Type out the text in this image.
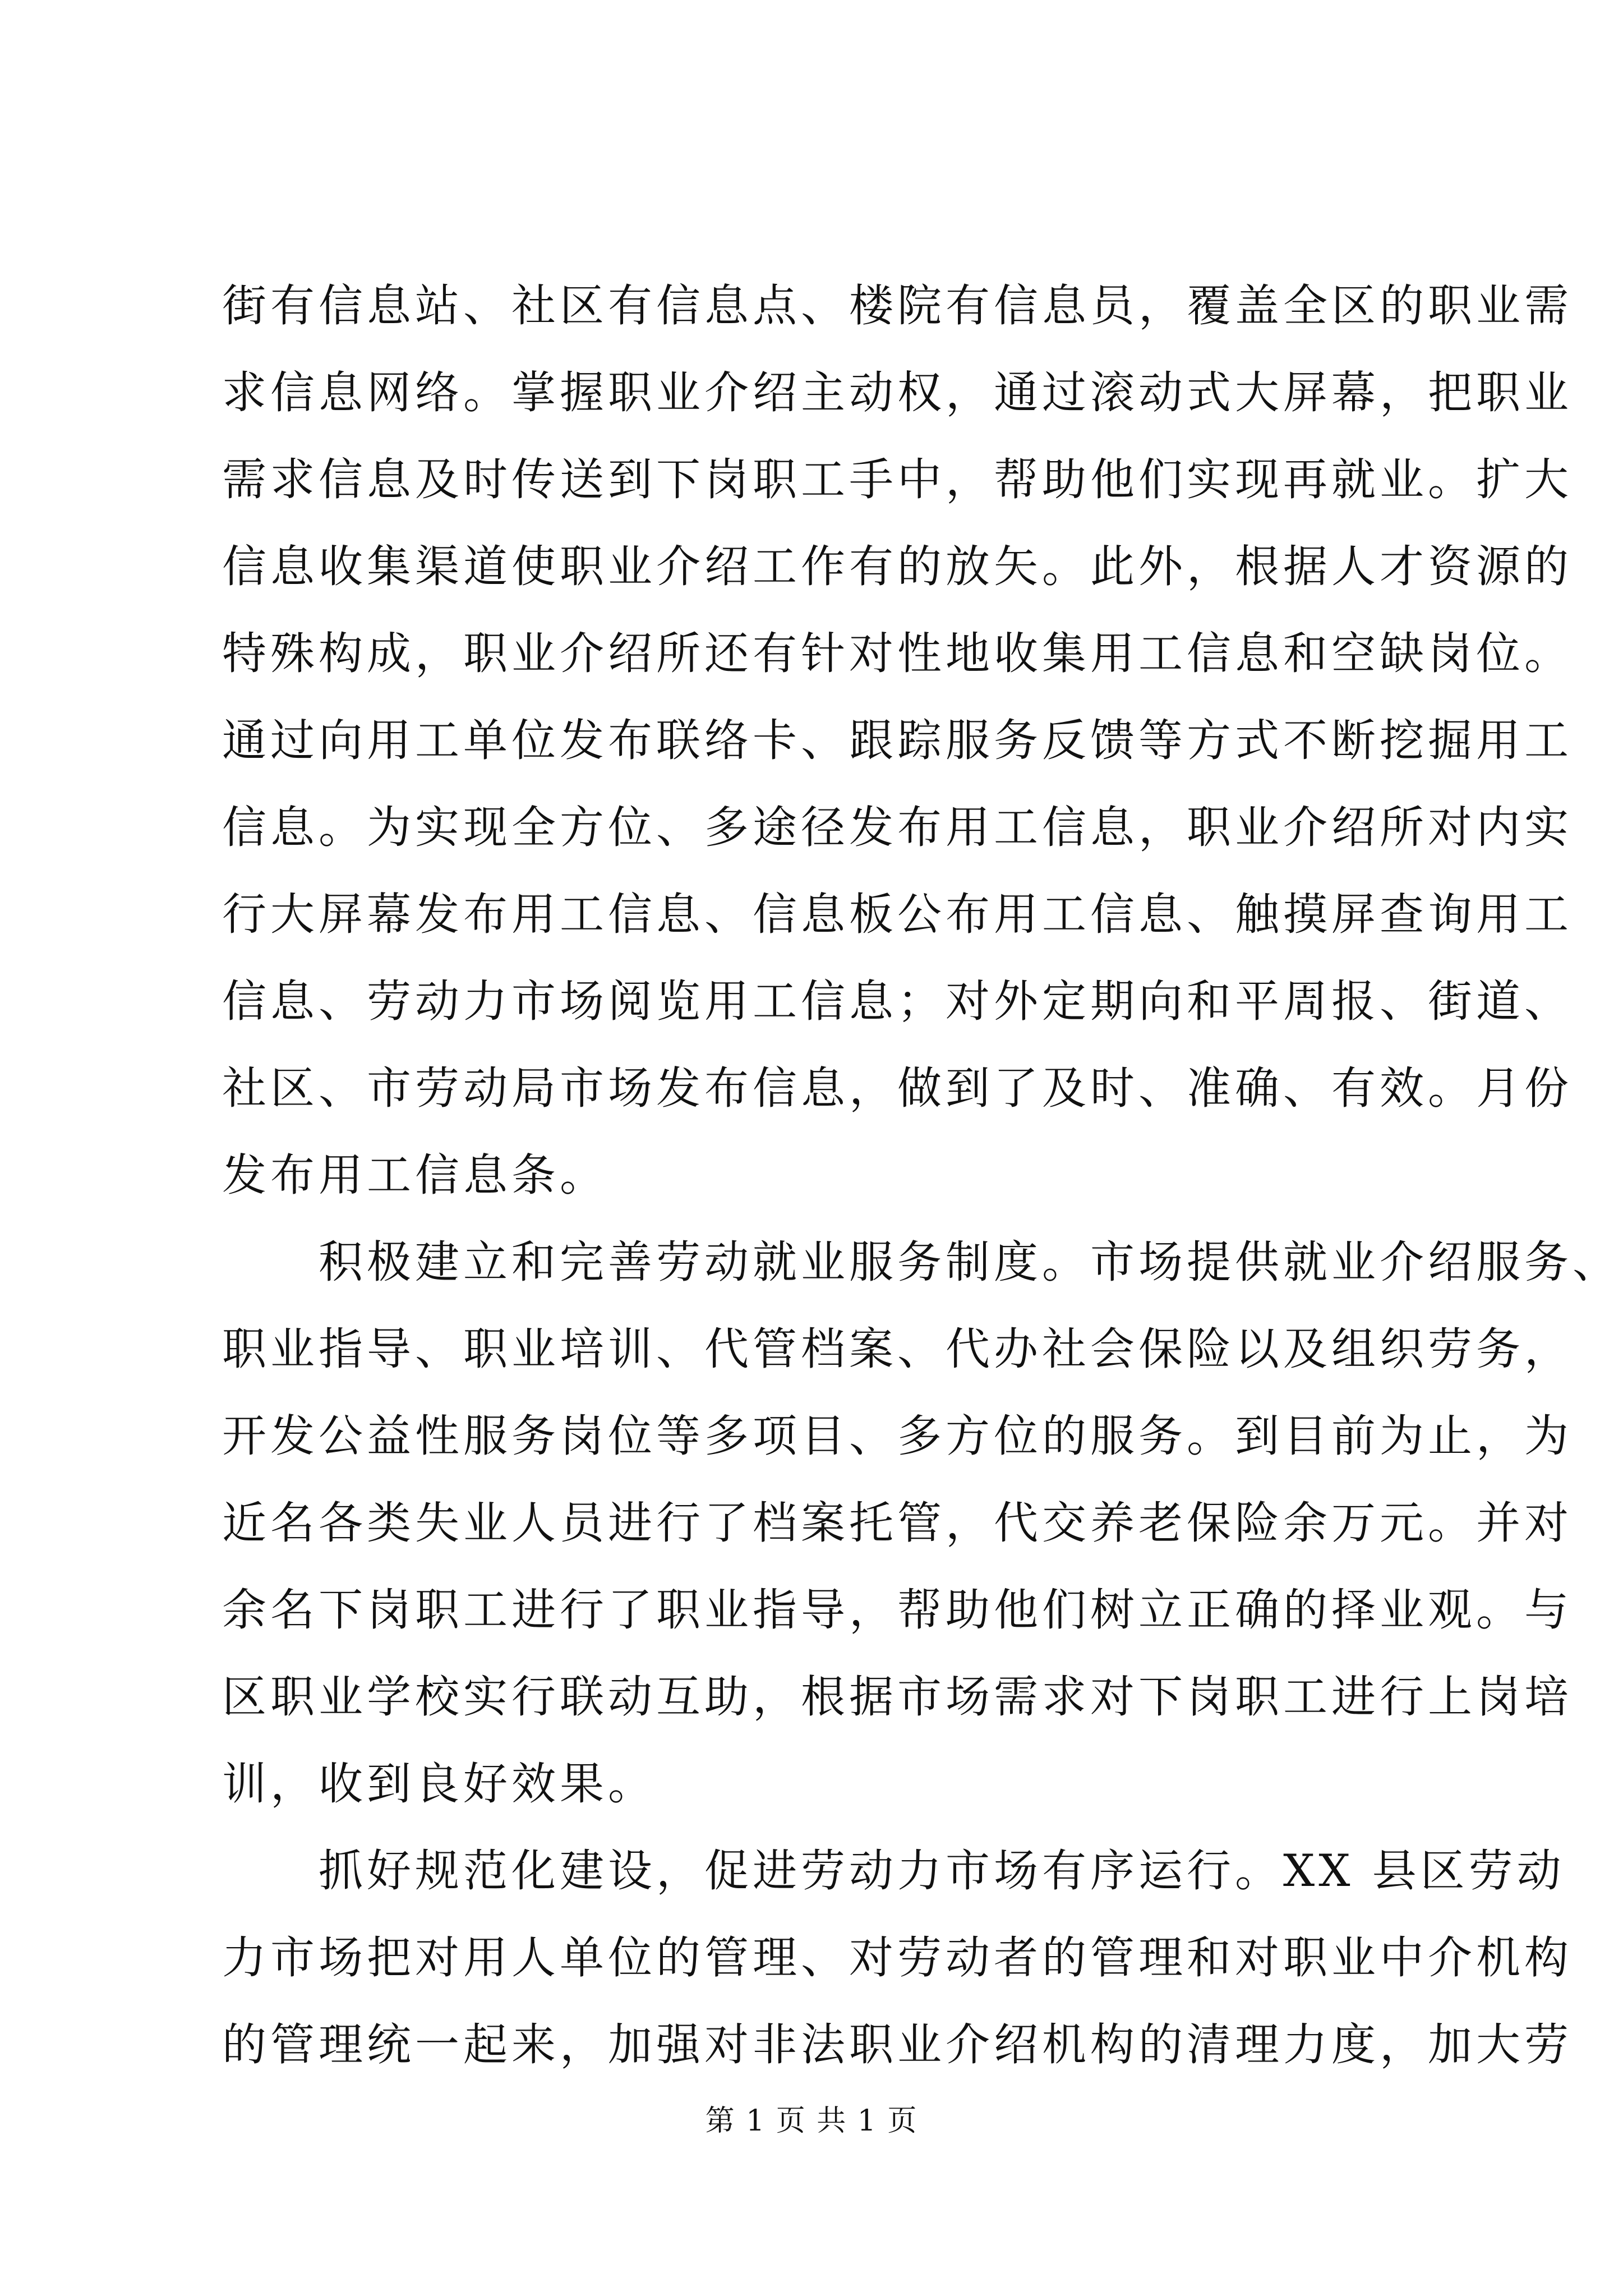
街有信息站、社区有信息点、楼院有信息员，覆盖全区的职业需
求信息网络。掌握职业介绍主动权，通过滚动式大屏幕，把职业
需求信息及时传送到下岗职工手中，帮助他们实现再就业。扩大
信息收集渠道使职业介绍工作有的放矢。此外，根据人才资源的
特殊构成，职业介绍所还有针对性地收集用工信息和空缺岗位。
通过向用工单位发布联络卡、跟踪服务反馈等方式不断挖掘用工
信息。为实现全方位、多途径发布用工信息，职业介绍所对内实
行大屏幕发布用工信息、信息板公布用工信息、触摸屏查询用工
信息、劳动力市场阅览用工信息；对外定期向和平周报、街道、
社区、市劳动局市场发布信息，做到了及时、准确、有效。月份
发布用工信息条。

积极建立和完善劳动就业服务制度。市场提供就业介绍服务、
职业指导、职业培训、代管档案、代办社会保险以及组织劳务，
开发公益性服务岗位等多项目、多方位的服务。到目前为止，为
近名各类失业人员进行了档案托管，代交养老保险余万元。并对
余名下岗职工进行了职业指导，帮助他们树立正确的择业观。与
区职业学校实行联动互助，根据市场需求对下岗职工进行上岗培
训，收到良好效果。

抓好规范化建设，促进劳动力市场有序运行。XX 县区劳动
力市场把对用人单位的管理、对劳动者的管理和对职业中介机构
的管理统一起来，加强对非法职业介绍机构的清理力度，加大劳

第 1 页 共 1 页
